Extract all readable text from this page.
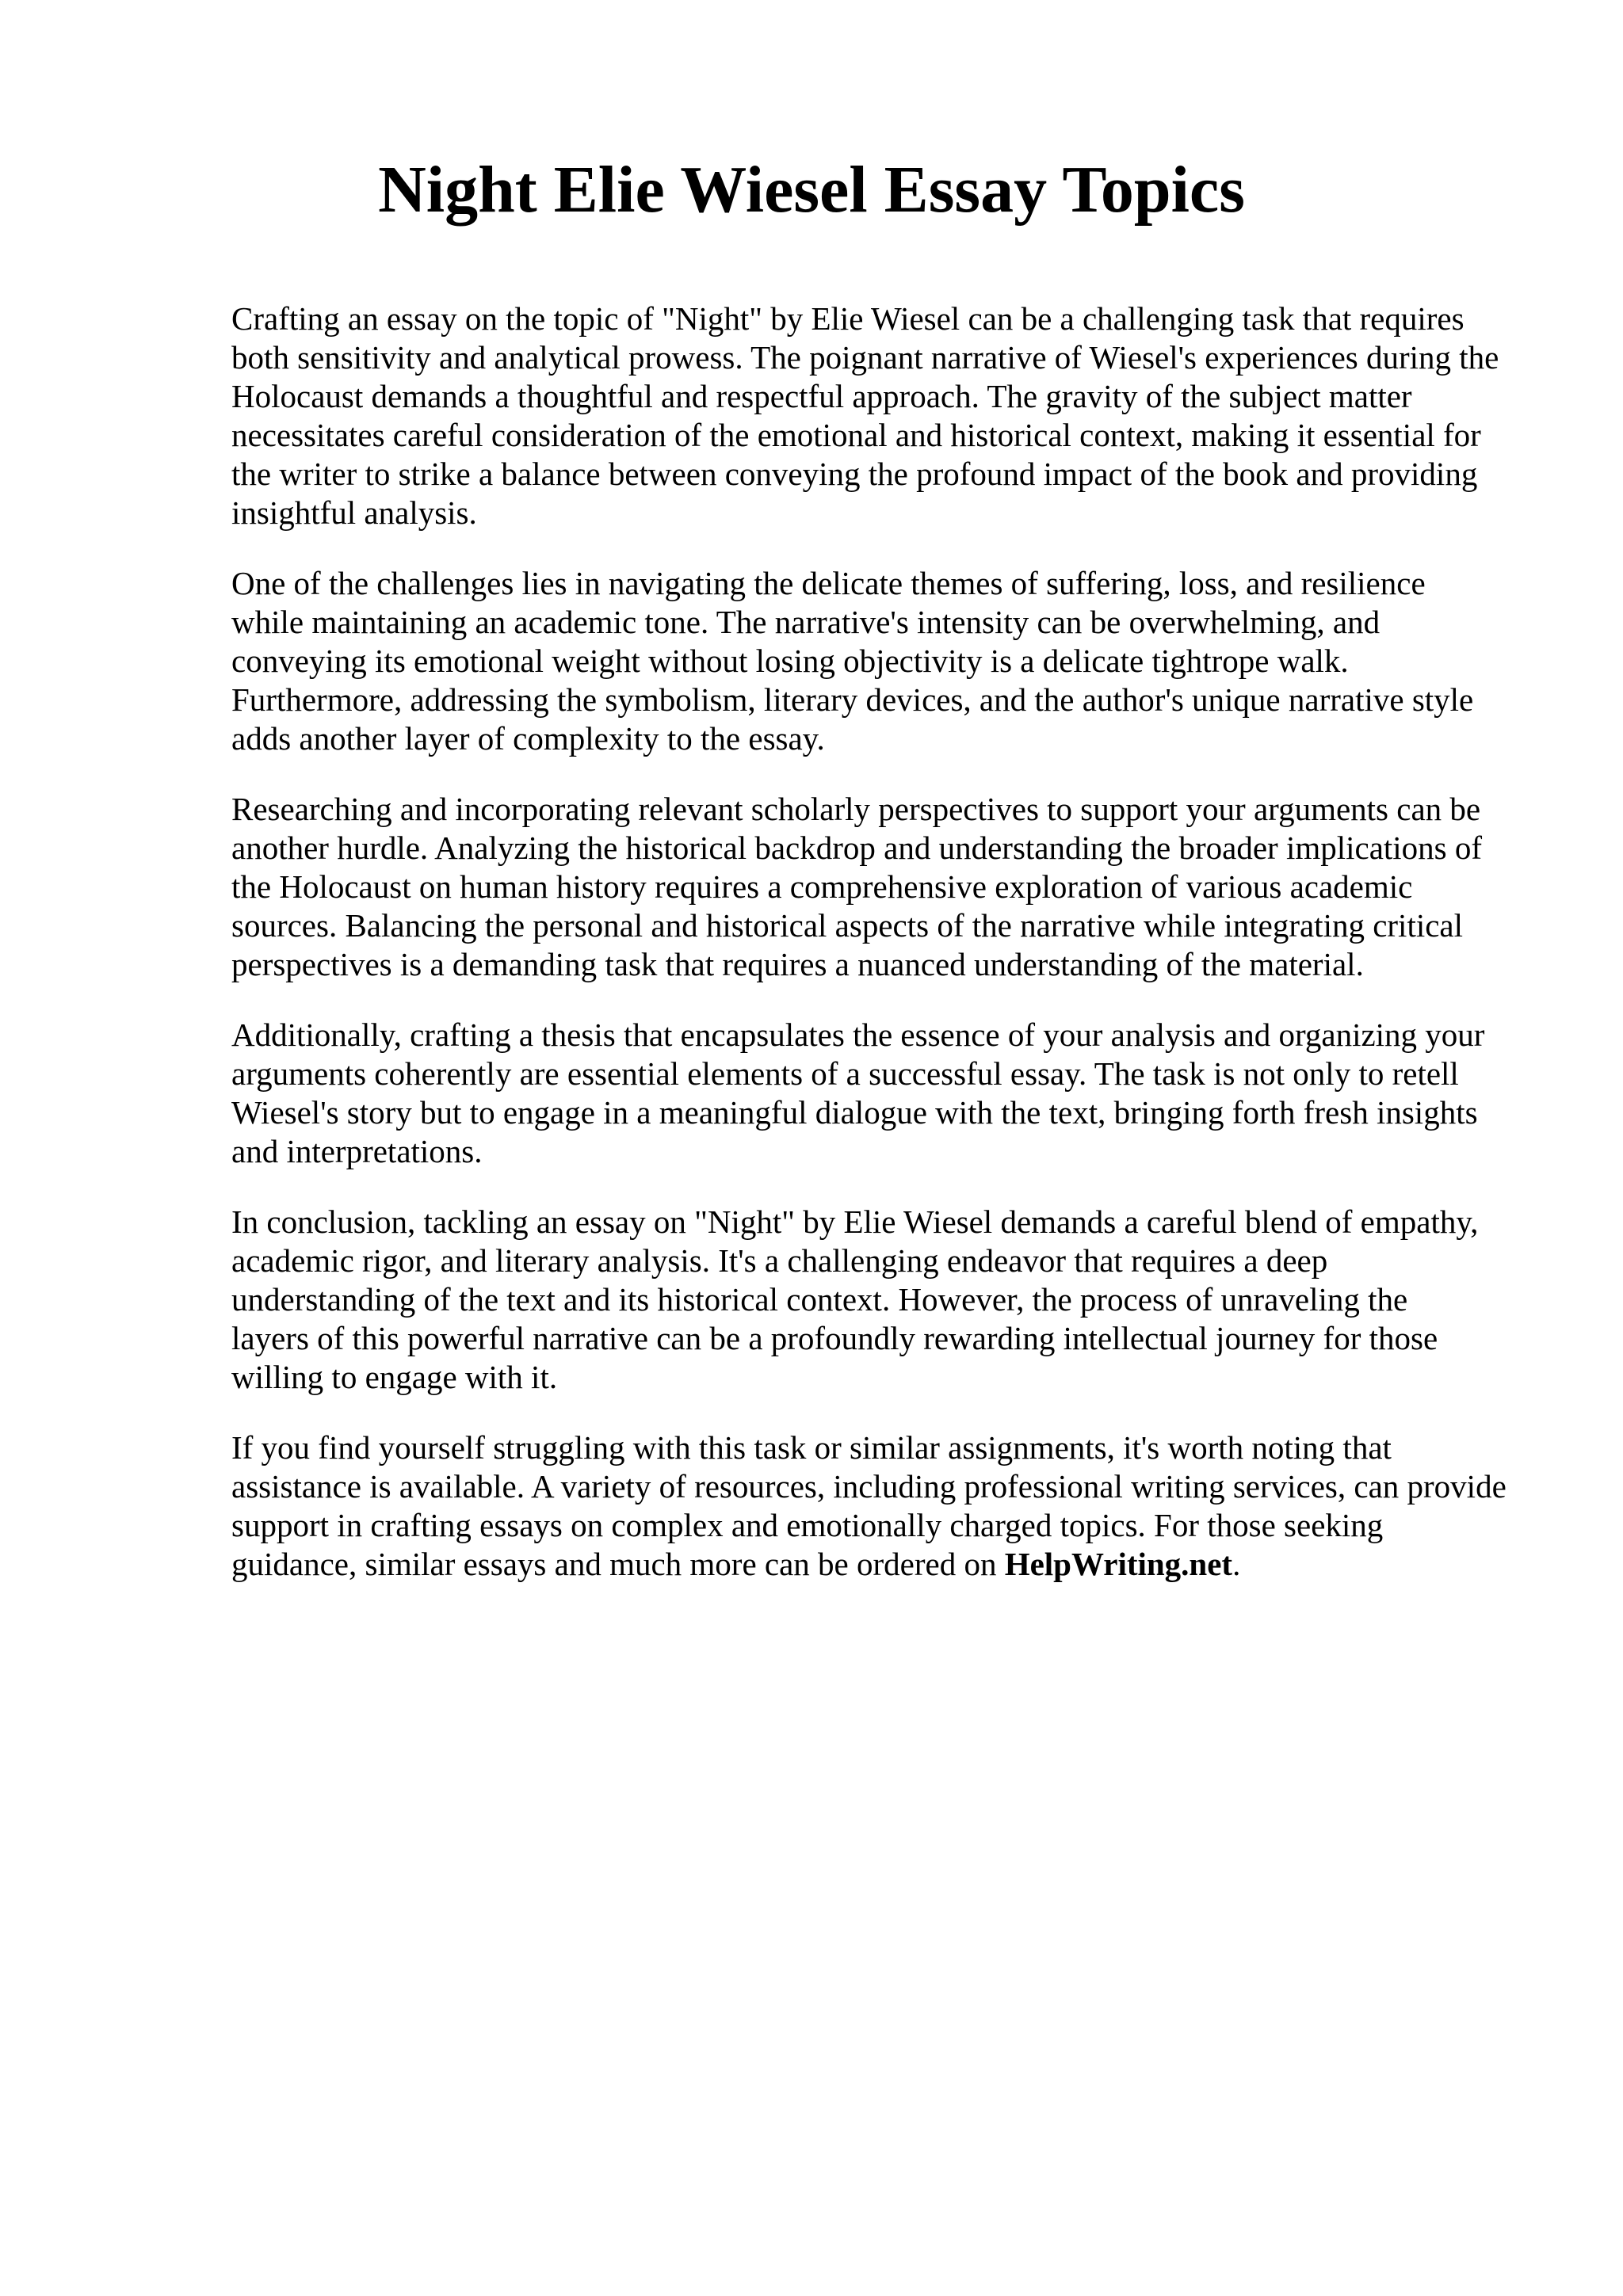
Night Elie Wiesel Essay Topics

Crafting an essay on the topic of "Night" by Elie Wiesel can be a challenging task that requires
both sensitivity and analytical prowess. The poignant narrative of Wiesel's experiences during the
Holocaust demands a thoughtful and respectful approach. The gravity of the subject matter
necessitates careful consideration of the emotional and historical context, making it essential for
the writer to strike a balance between conveying the profound impact of the book and providing
insightful analysis.

One of the challenges lies in navigating the delicate themes of suffering, loss, and resilience
while maintaining an academic tone. The narrative's intensity can be overwhelming, and
conveying its emotional weight without losing objectivity is a delicate tightrope walk.
Furthermore, addressing the symbolism, literary devices, and the author's unique narrative style
adds another layer of complexity to the essay.

Researching and incorporating relevant scholarly perspectives to support your arguments can be
another hurdle. Analyzing the historical backdrop and understanding the broader implications of
the Holocaust on human history requires a comprehensive exploration of various academic
sources. Balancing the personal and historical aspects of the narrative while integrating critical
perspectives is a demanding task that requires a nuanced understanding of the material.

Additionally, crafting a thesis that encapsulates the essence of your analysis and organizing your
arguments coherently are essential elements of a successful essay. The task is not only to retell
Wiesel's story but to engage in a meaningful dialogue with the text, bringing forth fresh insights
and interpretations.

In conclusion, tackling an essay on "Night" by Elie Wiesel demands a careful blend of empathy,
academic rigor, and literary analysis. It's a challenging endeavor that requires a deep
understanding of the text and its historical context. However, the process of unraveling the
layers of this powerful narrative can be a profoundly rewarding intellectual journey for those
willing to engage with it.

If you find yourself struggling with this task or similar assignments, it's worth noting that
assistance is available. A variety of resources, including professional writing services, can provide
support in crafting essays on complex and emotionally charged topics. For those seeking
guidance, similar essays and much more can be ordered on HelpWriting.net.
